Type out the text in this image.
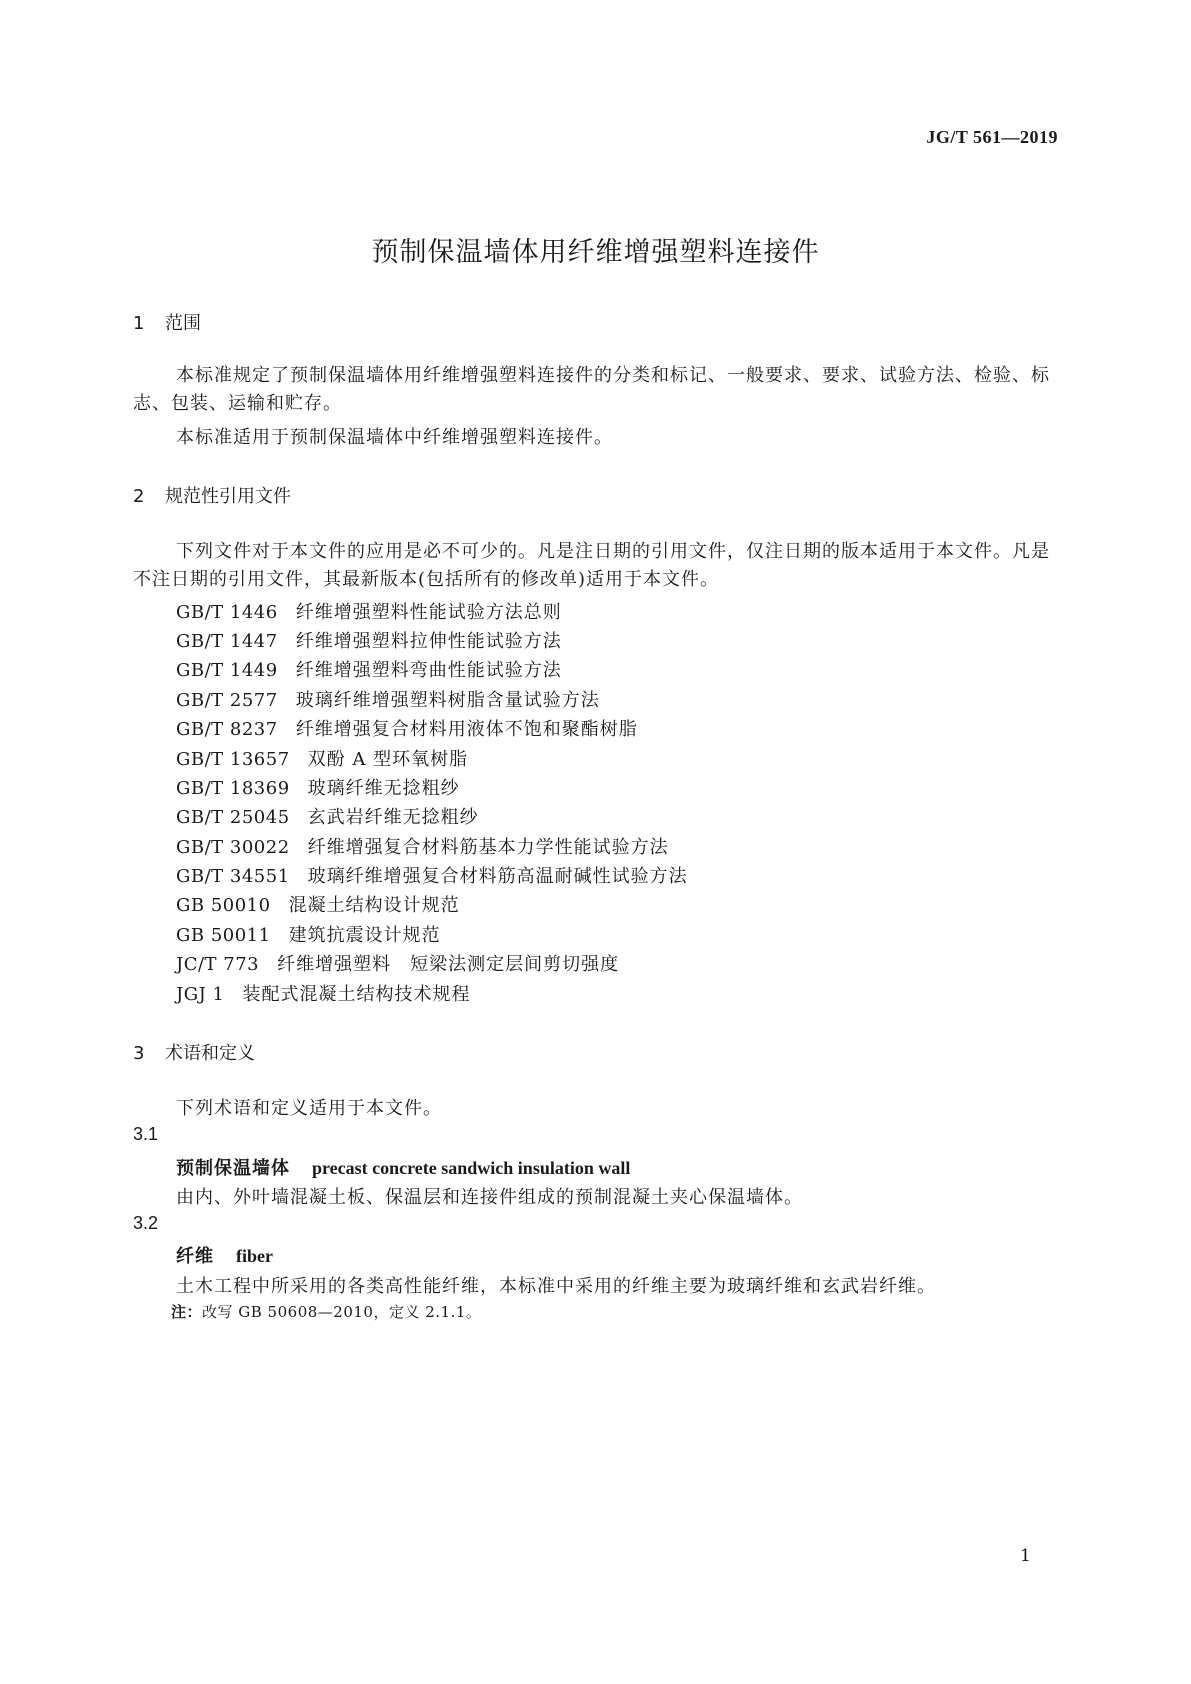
JG/T 561—2019
预制保温墙体用纤维增强塑料连接件
1 范围
本标准规定了预制保温墙体用纤维增强塑料连接件的分类和标记、一般要求、要求、试验方法、检验、标志、包装、运输和贮存。
本标准适用于预制保温墙体中纤维增强塑料连接件。
2 规范性引用文件
下列文件对于本文件的应用是必不可少的。凡是注日期的引用文件，仅注日期的版本适用于本文件。凡是不注日期的引用文件，其最新版本(包括所有的修改单)适用于本文件。
GB/T 1446 纤维增强塑料性能试验方法总则
GB/T 1447 纤维增强塑料拉伸性能试验方法
GB/T 1449 纤维增强塑料弯曲性能试验方法
GB/T 2577 玻璃纤维增强塑料树脂含量试验方法
GB/T 8237 纤维增强复合材料用液体不饱和聚酯树脂
GB/T 13657 双酚 A 型环氧树脂
GB/T 18369 玻璃纤维无捻粗纱
GB/T 25045 玄武岩纤维无捻粗纱
GB/T 30022 纤维增强复合材料筋基本力学性能试验方法
GB/T 34551 玻璃纤维增强复合材料筋高温耐碱性试验方法
GB 50010 混凝土结构设计规范
GB 50011 建筑抗震设计规范
JC/T 773 纤维增强塑料　短梁法测定层间剪切强度
JGJ 1 装配式混凝土结构技术规程
3 术语和定义
下列术语和定义适用于本文件。
3.1
预制保温墙体 precast concrete sandwich insulation wall
由内、外叶墙混凝土板、保温层和连接件组成的预制混凝土夹心保温墙体。
3.2
纤维 fiber
土木工程中所采用的各类高性能纤维，本标准中采用的纤维主要为玻璃纤维和玄武岩纤维。
注：改写 GB 50608—2010，定义 2.1.1。
1
